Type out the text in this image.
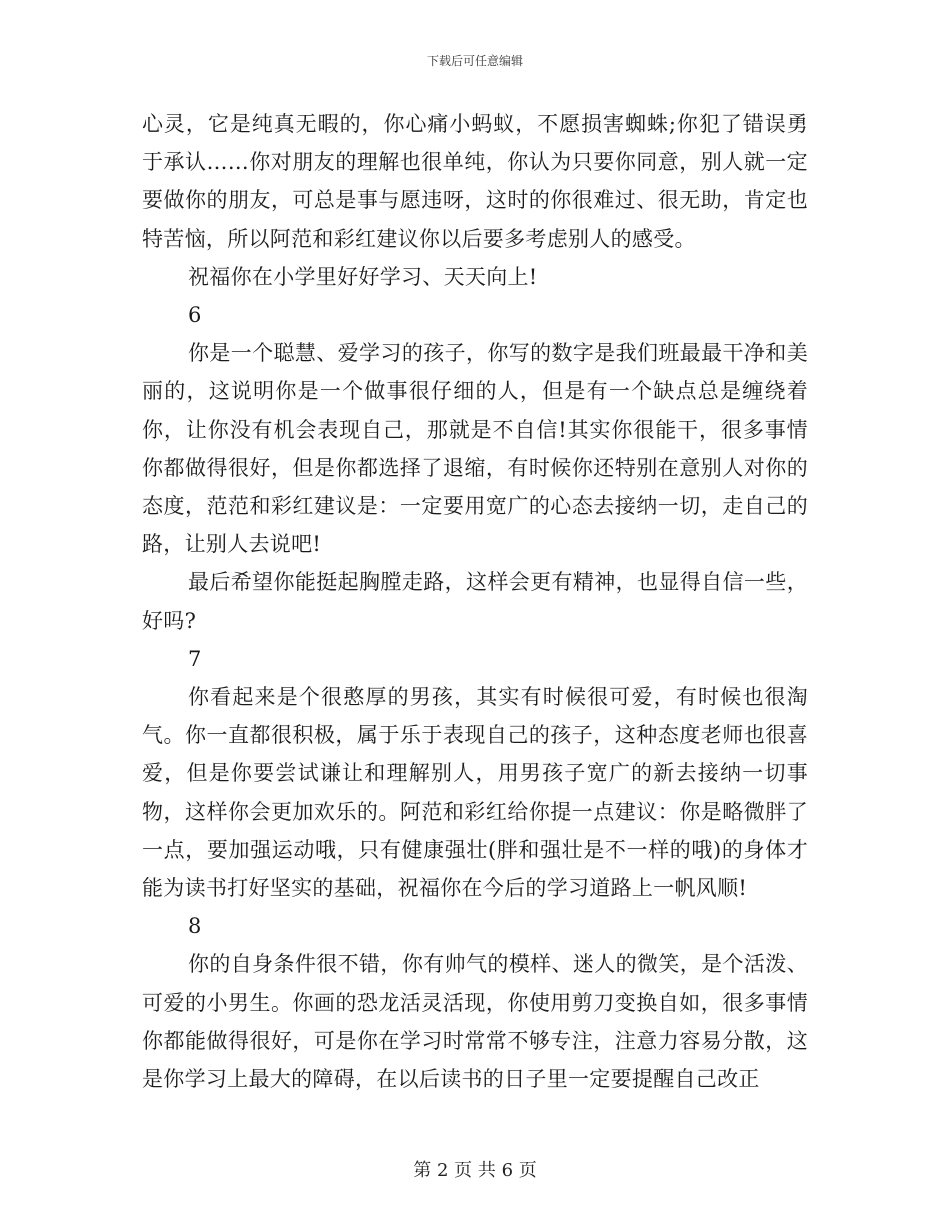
下载后可任意编辑

心灵，它是纯真无暇的，你心痛小蚂蚁，不愿损害蜘蛛;你犯了错误勇于承认……你对朋友的理解也很单纯，你认为只要你同意，别人就一定要做你的朋友，可总是事与愿违呀，这时的你很难过、很无助，肯定也特苦恼，所以阿范和彩红建议你以后要多考虑别人的感受。

祝福你在小学里好好学习、天天向上!

6

你是一个聪慧、爱学习的孩子，你写的数字是我们班最最干净和美丽的，这说明你是一个做事很仔细的人，但是有一个缺点总是缠绕着你，让你没有机会表现自己，那就是不自信!其实你很能干，很多事情你都做得很好，但是你都选择了退缩，有时候你还特别在意别人对你的态度，范范和彩红建议是：一定要用宽广的心态去接纳一切，走自己的路，让别人去说吧!

最后希望你能挺起胸膛走路，这样会更有精神，也显得自信一些，好吗?

7

你看起来是个很憨厚的男孩，其实有时候很可爱，有时候也很淘气。你一直都很积极，属于乐于表现自己的孩子，这种态度老师也很喜爱，但是你要尝试谦让和理解别人，用男孩子宽广的新去接纳一切事物，这样你会更加欢乐的。阿范和彩红给你提一点建议：你是略微胖了一点，要加强运动哦，只有健康强壮(胖和强壮是不一样的哦)的身体才能为读书打好坚实的基础，祝福你在今后的学习道路上一帆风顺!

8

你的自身条件很不错，你有帅气的模样、迷人的微笑，是个活泼、可爱的小男生。你画的恐龙活灵活现，你使用剪刀变换自如，很多事情你都能做得很好，可是你在学习时常常不够专注，注意力容易分散，这是你学习上最大的障碍，在以后读书的日子里一定要提醒自己改正

第 2 页 共 6 页
